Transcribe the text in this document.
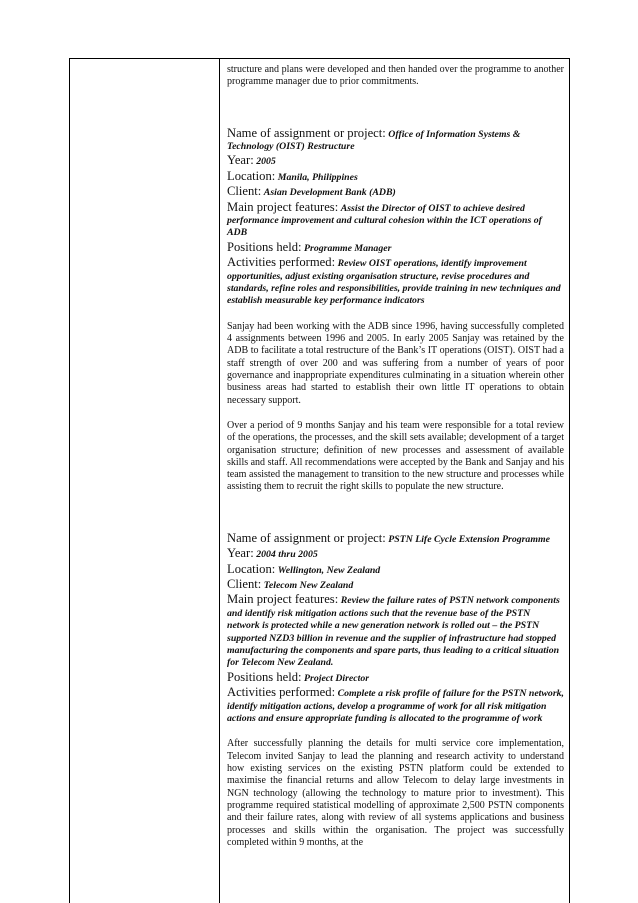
structure and plans were developed and then handed over the programme to another programme manager due to prior commitments.

Name of assignment or project: Office of Information Systems & Technology (OIST) Restructure

Year: 2005

Location: Manila, Philippines

Client: Asian Development Bank (ADB)

Main project features: Assist the Director of OIST to achieve desired performance improvement and cultural cohesion within the ICT operations of ADB

Positions held: Programme Manager

Activities performed: Review OIST operations, identify improvement opportunities, adjust existing organisation structure, revise procedures and standards, refine roles and responsibilities, provide training in new techniques and establish measurable key performance indicators

Sanjay had been working with the ADB since 1996, having successfully completed 4 assignments between 1996 and 2005. In early 2005 Sanjay was retained by the ADB to facilitate a total restructure of the Bank’s IT operations (OIST). OIST had a staff strength of over 200 and was suffering from a number of years of poor governance and inappropriate expenditures culminating in a situation wherein other business areas had started to establish their own little IT operations to obtain necessary support.

Over a period of 9 months Sanjay and his team were responsible for a total review of the operations, the processes, and the skill sets available; development of a target organisation structure; definition of new processes and assessment of available skills and staff. All recommendations were accepted by the Bank and Sanjay and his team assisted the management to transition to the new structure and processes while assisting them to recruit the right skills to populate the new structure.

Name of assignment or project: PSTN Life Cycle Extension Programme

Year: 2004 thru 2005

Location: Wellington, New Zealand

Client: Telecom New Zealand

Main project features: Review the failure rates of PSTN network components and identify risk mitigation actions such that the revenue base of the PSTN network is protected while a new generation network is rolled out – the PSTN supported NZD3 billion in revenue and the supplier of infrastructure had stopped manufacturing the components and spare parts, thus leading to a critical situation for Telecom New Zealand.

Positions held: Project Director

Activities performed: Complete a risk profile of failure for the PSTN network, identify mitigation actions, develop a programme of work for all risk mitigation actions and ensure appropriate funding is allocated to the programme of work

After successfully planning the details for multi service core implementation, Telecom invited Sanjay to lead the planning and research activity to understand how existing services on the existing PSTN platform could be extended to maximise the financial returns and allow Telecom to delay large investments in NGN technology (allowing the technology to mature prior to investment). This programme required statistical modelling of approximate 2,500 PSTN components and their failure rates, along with review of all systems applications and business processes and skills within the organisation. The project was successfully completed within 9 months, at the
